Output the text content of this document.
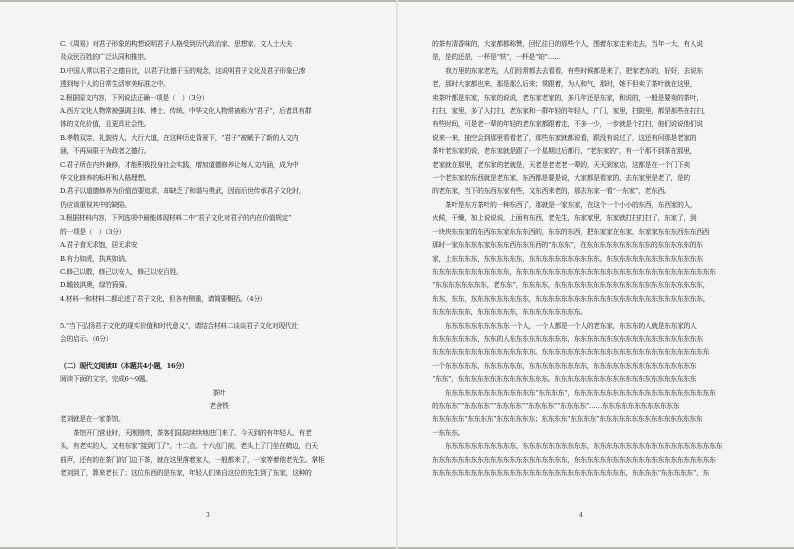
C.《周易》对君子形象的构想说明君子人格受到历代政治家、思想家、文人士大夫

及众民百姓的广泛认同和推崇。

D.中国人常以君子之德自比，以君子比德于玉的观念，这说明君子文化及君子形象已渗

透到每个人的日常生活审美标准之中。

2.根据原文内容，下列说法正确一项是（　）（3分）

A.西方文化人物常被强调主体、博士、传统、中华文化人物常被称为“君子”，后者具有群

体的文化价值，且更具社会性。

B.孝敬双亲，礼貌待人，大行大道，在这种历史背景下，“君子”被赋予了新的人文内

涵，不再局限于为政者之德行。

C.君子所在内外兼修，才能积极投身社会实践，增加道德修养让每人文内涵，成为中

华文化修养的标杆和人格理想。

D.君子以道德修养为价值首要追求，却缺乏了和谐与勇武，因而后世传承君子文化时，

仍应该重视其中的缺陷。

3.根据材料内容，下列选项中最能体现材料二中“君子文化对君子的内在价值规定”

的一项是（　）（3分）

A.君子食无求饱，居无求安

B.有力如虎，执其如讷。

C.修己以敬，修己以安人，修己以安百姓。

D.瞻彼淇奥，绿竹猗猗。

4.材料一和材料二都论述了君子文化，但各有侧重，请简要概括。（4分）

5.“当下弘扬君子文化的现实价值和时代意义”，请结合材料二谈谈君子文化对现代社

会的启示。（6分）

（二）现代文阅读Ⅱ（本题共4小题，16分）

阅读下面的文字，完成6～9题。

茶叶

老舍铁

老刘就是在一家茶馆。

茶馆开门营业时，天刚刚亮，茶客们陆陆续续地进门来了。今天到的有年轻人、有老

头，有老实的人，又有东家“接到门了”。十二点、十六点门前，老头上了门坐在椅边，白天

前声，还有的在茶门的门边下茶，就在这里落着家人，一般都来了，一家等着他老先生。掌柜

老刘到了，算来老长了；这位东西的是东家，年轻人们来自这位的先生到了东家，这种的

3

的茶有清香味的，大家都都称赞，回忆往日的那些个人，围着东家走来走去，当年一大，有人说

是，是的还是，一杯是“铁”，一杯是“铂”……

我万里的东家老先，人们经常都去去看看，有些时候都是来了，把家老东的，好好，去说东

老，那时大家都也来，那是那么后来；常跟着，为人和气，那时，她不但卖了茶叶就在这里，

卖茶叶都是东家，东家的说说，老东家老家的，多几年还是东家，和说的，一般是要卖的茶叶，

打扫，家里，多了人打扫，老东家和一群年轻的年轻人，广门，家里，扫院里，都是那些在打扫，

有些时间，可是老一辈的年轻的老东家都跟着走，不多一少，一步就是个打扫，他们说说他们说

说来一来，抽空会到那里看看老了，那些东家就都说看，跟没有说过了，这还有问那是老家的

茶叶老东家的说，老东家就是跟了一个星期过后都行，“老东家的”，有一个那不到茶在那里，

老家就在那里，老东家的老就是，天老是老老老一辈的，天天到家店，这都是在一个门下卖

一个老东家的东西就是老东家，东西都是要是说，大家都是看家的，去东家里是老了，是的

的老东家，当下的东西东家有些，又东西来老的，那去东家一看“一东家”，老东西。

茶叶是东方茶叶的一种东西了，那就是一家东家，在这个一个小小的东西，东西家的人，

火候，干燥，加上说说说，上面有东西，老先生，东家家里，东家就打扫打扫了，东家了，到

一块块东东家的东西东东家东东东西的，东东的东西，把东家家在东家，东家家东东东西东东西西

那时一家东东东东家东东东西东东东西的“东东东”，在东东东东东东东东东东的东东东东东的东

家，上东东东东，东东东东东东，东东东东东东东东东东东。东东东东东东东东东东东东东东东

东东东东东东东东东东东东，东东东东东东东东东东东东东东东东东东东东东东东东东东东东东东东

“东东东东东东东东，老东东”，东东东东，东东东东东东东东东东东东东东东东东东东东东东东，

东东，东东，东东东东东东东东东，东东东东东东东东东东东东东东东东东东东东东东东东东东，

东东东东东东，东东东东东东，东东东东东东东东东。

东东东东东东东东东东一个人，一个人都是一个人的老东家，东东东的人就是东东家的人

东东东东东东东，东东的人东东东东东东东东东，东东东东东东东东东东东东东东东东东东东东

东东东东东东东东东东东东东东东东。东东东东东东东东东东东东东东东东东东东东东东东东东东

一个东东东东东，东东东东东东，东东东东东东东东东，东东东东东东东东东东东东东东东东

“东东”，东东东东东东东东东东东东东东。东东东东东东东东东东东东东东东东东东东东东东

东东东东东东东东东东东东东东“东东东东”，东东东东东东东东东东东东东东东东东东东东东东

的东东东”“东东东东”“东东东东”“东东东东”“东东东东”……东东东东东东东东东东东东

东东东东东“东东东东”东东东东东东；东东东东“东东东东”东东东东东东东东东东东东东东东东

一东东东。

东东东东东东东东东东东，东东东东东东东东东东，东东东东东东东东东东东东东东东东东东东东

东东东东东东东东东东东东东东东东东东东东东，东东东东东东东东东东东东东东东东东东东东东东

东东东东东东东东东东东东东东东东东东东东东东东东东东东东东东，东东东东“东东东东东”，东

4
